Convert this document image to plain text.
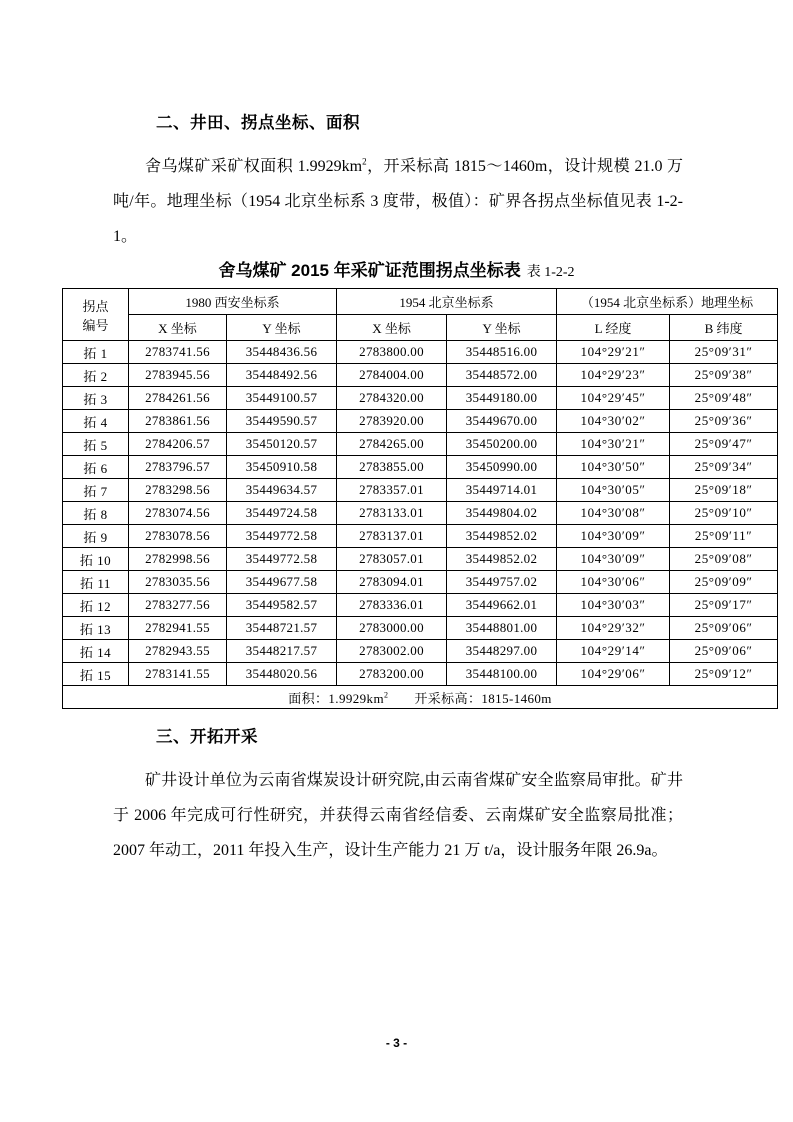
二、井田、拐点坐标、面积

舍乌煤矿采矿权面积 $1.9929km^2$，开采标高 1815～1460m，设计规模 21.0 万吨/年。地理坐标（1954 北京坐标系 3 度带，极值）：矿界各拐点坐标值见表 1-2-1。

舍乌煤矿 2015 年采矿证范围拐点坐标表 表 1-2-2
拐点
编号	1980 西安坐标系		1954 北京坐标系		（1954 北京坐标系）地理坐标	
	X 坐标	Y 坐标	X 坐标	Y 坐标	L 经度	B 纬度
拓 1	2783741.56	35448436.56	2783800.00	35448516.00	104°29′21″	25°09′31″
拓 2	2783945.56	35448492.56	2784004.00	35448572.00	104°29′23″	25°09′38″
拓 3	2784261.56	35449100.57	2784320.00	35449180.00	104°29′45″	25°09′48″
拓 4	2783861.56	35449590.57	2783920.00	35449670.00	104°30′02″	25°09′36″
拓 5	2784206.57	35450120.57	2784265.00	35450200.00	104°30′21″	25°09′47″
拓 6	2783796.57	35450910.58	2783855.00	35450990.00	104°30′50″	25°09′34″
拓 7	2783298.56	35449634.57	2783357.01	35449714.01	104°30′05″	25°09′18″
拓 8	2783074.56	35449724.58	2783133.01	35449804.02	104°30′08″	25°09′10″
拓 9	2783078.56	35449772.58	2783137.01	35449852.02	104°30′09″	25°09′11″
拓 10	2782998.56	35449772.58	2783057.01	35449852.02	104°30′09″	25°09′08″
拓 11	2783035.56	35449677.58	2783094.01	35449757.02	104°30′06″	25°09′09″
拓 12	2783277.56	35449582.57	2783336.01	35449662.01	104°30′03″	25°09′17″
拓 13	2782941.55	35448721.57	2783000.00	35448801.00	104°29′32″	25°09′06″
拓 14	2782943.55	35448217.57	2783002.00	35448297.00	104°29′14″	25°09′06″
拓 15	2783141.55	35448020.56	2783200.00	35448100.00	104°29′06″	25°09′12″
面积：$1.9929km^2$ 开采标高：1815-1460m						
三、开拓开采

矿井设计单位为云南省煤炭设计研究院,由云南省煤矿安全监察局审批。矿井于 2006 年完成可行性研究，并获得云南省经信委、云南煤矿安全监察局批准；2007 年动工，2011 年投入生产，设计生产能力 21 万 t/a，设计服务年限 26.9a。

- 3 -
